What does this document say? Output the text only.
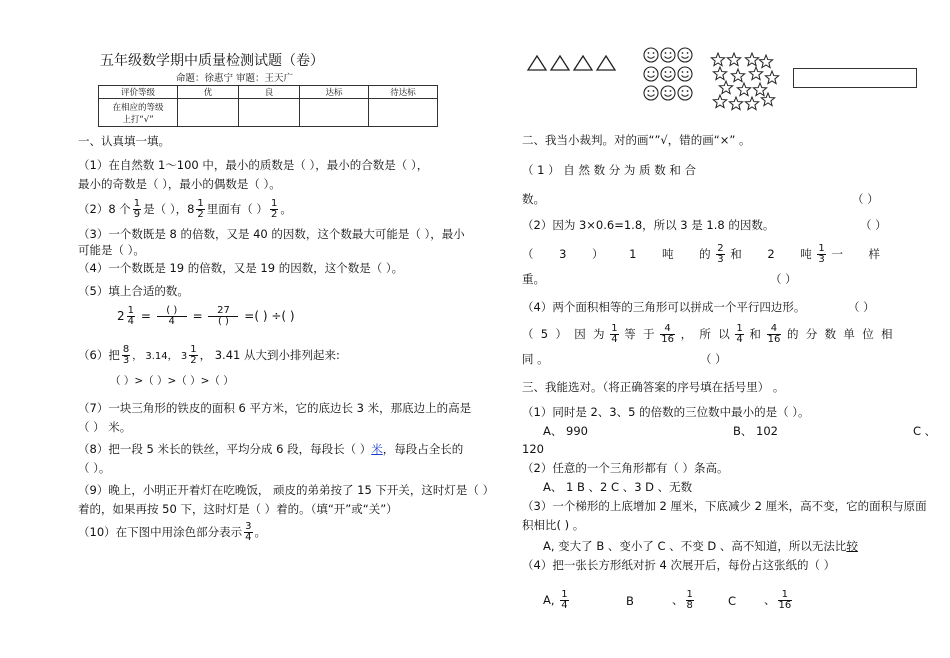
五年级数学期中质量检测试题（卷）
命题：徐惠宁 审题：王天广
评价等级	优	良	达标	待达标

在相应的等级
上打“√”				

一、认真填一填。
（1）在自然数 1～100 中，最小的质数是（ ），最小的合数是（ ），
最小的奇数是（ ），最小的偶数是（ ）。
（2）8 个 $\frac{1}{9}$ 是（ ），$8 \frac{1}{2}$ 里面有（ ） $\frac{1}{2}$ 。
（3）一个数既是 8 的倍数，又是 40 的因数，这个数最大可能是（ ），最小
可能是（ ）。
（4）一个数既是 19 的倍数，又是 19 的因数，这个数是（ ）。
（5）填上合适的数。
$2 \frac{1}{4} = \frac{( )}{4} = \frac{27}{( )}$ =( ) ÷( )
（6）把 $\frac{8}{3}$ ， 3.14， $3 \frac{1}{2}$ ， 3.41 从大到小排列起来:
（ ）>（ ）>（ ）>（ ）
（7）一块三角形的铁皮的面积 6 平方米，它的底边长 3 米，那底边上的高是
（ ） 米。
（8）把一段 5 米长的铁丝，平均分成 6 段，每段长（ ）米，每段占全长的
（ ）。
（9）晚上，小明正开着灯在吃晚饭， 顽皮的弟弟按了 15 下开关，这时灯是（ ）
着的，如果再按 50 下，这时灯是（ ）着的。（填“开”或“关”）
（10）在下图中用涂色部分表示 $\frac{3}{4}$ 。
二、我当小裁判。对的画“”√，错的画“×” 。
（ 1 ） 自 然 数 分 为 质 数 和 合
数。	（ ）
（2）因为 3×0.6=1.8，所以 3 是 1.8 的因数。	（ ）
（       3       ）       1       吨       的 $\frac{2}{3}$ 和       2       吨 $\frac{1}{3}$ 一       样
重。	（ ）
（4）两个面积相等的三角形可以拼成一个平行四边形。	（ ）
（  5  ）  因  为 $\frac{1}{4}$ 等  于 $\frac{4}{16}$ ，  所  以 $\frac{1}{4}$ 和 $\frac{4}{16}$ 的  分  数  单  位  相
同 。	（ ）
三、我能选对。（将正确答案的序号填在括号里） 。
（1）同时是 2、3、5 的倍数的三位数中最小的是（ ）。
A、 990	B、 102	C 、
120
（2）任意的一个三角形都有（ ）条高。
A、 1 B 、2 C 、3 D 、无数
（3）一个梯形的上底增加 2 厘米，下底减少 2 厘米，高不变，它的面积与原面
积相比( ) 。
A, 变大了 B 、变小了 C 、不变 D 、高不知道，所以无法比较
（4）把一张长方形纸对折 4 次展开后，每份占这张纸的（ ）
A, $\frac{1}{4}$	B	、 $\frac{1}{8}$	C 、 $\frac{1}{16}$
